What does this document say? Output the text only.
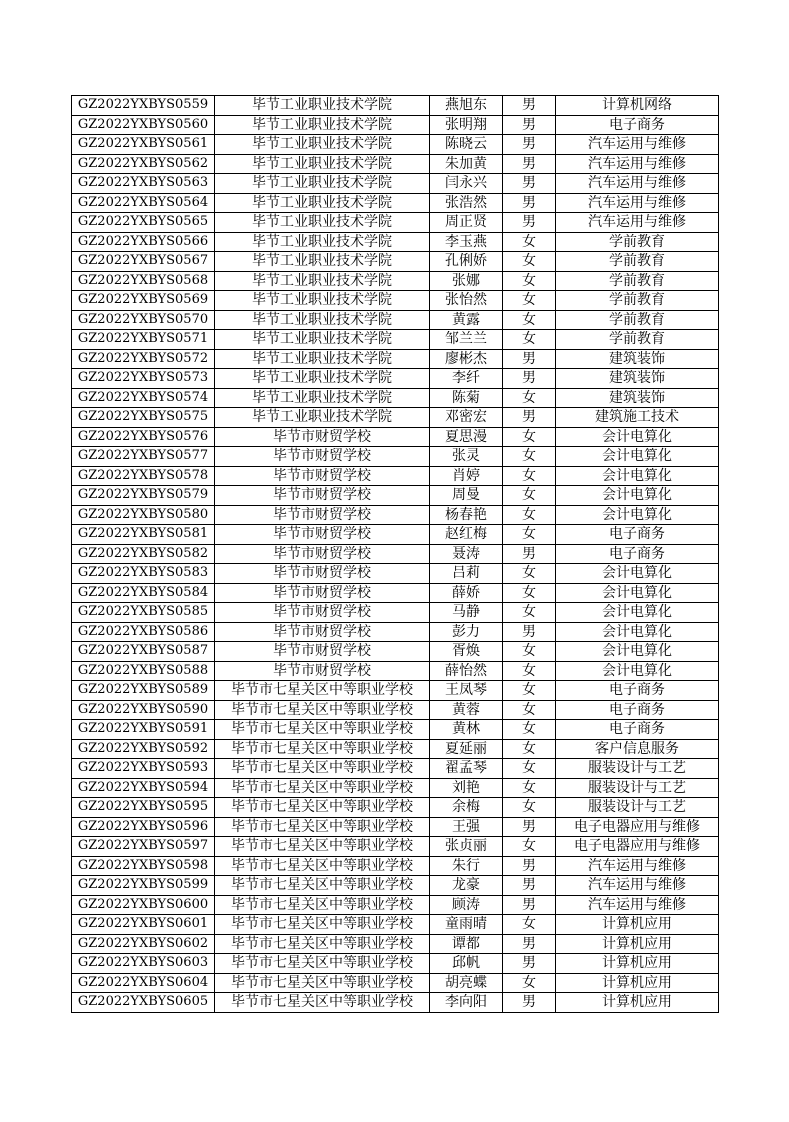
GZ2022YXBYS0559	毕节工业职业技术学院	燕旭东	男	计算机网络
GZ2022YXBYS0560	毕节工业职业技术学院	张明翔	男	电子商务
GZ2022YXBYS0561	毕节工业职业技术学院	陈晓云	男	汽车运用与维修
GZ2022YXBYS0562	毕节工业职业技术学院	朱加黄	男	汽车运用与维修
GZ2022YXBYS0563	毕节工业职业技术学院	闫永兴	男	汽车运用与维修
GZ2022YXBYS0564	毕节工业职业技术学院	张浩然	男	汽车运用与维修
GZ2022YXBYS0565	毕节工业职业技术学院	周正贤	男	汽车运用与维修
GZ2022YXBYS0566	毕节工业职业技术学院	李玉燕	女	学前教育
GZ2022YXBYS0567	毕节工业职业技术学院	孔俐娇	女	学前教育
GZ2022YXBYS0568	毕节工业职业技术学院	张娜	女	学前教育
GZ2022YXBYS0569	毕节工业职业技术学院	张怡然	女	学前教育
GZ2022YXBYS0570	毕节工业职业技术学院	黄露	女	学前教育
GZ2022YXBYS0571	毕节工业职业技术学院	邹兰兰	女	学前教育
GZ2022YXBYS0572	毕节工业职业技术学院	廖彬杰	男	建筑装饰
GZ2022YXBYS0573	毕节工业职业技术学院	李纤	男	建筑装饰
GZ2022YXBYS0574	毕节工业职业技术学院	陈菊	女	建筑装饰
GZ2022YXBYS0575	毕节工业职业技术学院	邓密宏	男	建筑施工技术
GZ2022YXBYS0576	毕节市财贸学校	夏思漫	女	会计电算化
GZ2022YXBYS0577	毕节市财贸学校	张灵	女	会计电算化
GZ2022YXBYS0578	毕节市财贸学校	肖婷	女	会计电算化
GZ2022YXBYS0579	毕节市财贸学校	周曼	女	会计电算化
GZ2022YXBYS0580	毕节市财贸学校	杨春艳	女	会计电算化
GZ2022YXBYS0581	毕节市财贸学校	赵红梅	女	电子商务
GZ2022YXBYS0582	毕节市财贸学校	聂涛	男	电子商务
GZ2022YXBYS0583	毕节市财贸学校	吕莉	女	会计电算化
GZ2022YXBYS0584	毕节市财贸学校	薛娇	女	会计电算化
GZ2022YXBYS0585	毕节市财贸学校	马静	女	会计电算化
GZ2022YXBYS0586	毕节市财贸学校	彭力	男	会计电算化
GZ2022YXBYS0587	毕节市财贸学校	胥焕	女	会计电算化
GZ2022YXBYS0588	毕节市财贸学校	薛怡然	女	会计电算化
GZ2022YXBYS0589	毕节市七星关区中等职业学校	王凤琴	女	电子商务
GZ2022YXBYS0590	毕节市七星关区中等职业学校	黄蓉	女	电子商务
GZ2022YXBYS0591	毕节市七星关区中等职业学校	黄林	女	电子商务
GZ2022YXBYS0592	毕节市七星关区中等职业学校	夏延丽	女	客户信息服务
GZ2022YXBYS0593	毕节市七星关区中等职业学校	翟孟琴	女	服装设计与工艺
GZ2022YXBYS0594	毕节市七星关区中等职业学校	刘艳	女	服装设计与工艺
GZ2022YXBYS0595	毕节市七星关区中等职业学校	余梅	女	服装设计与工艺
GZ2022YXBYS0596	毕节市七星关区中等职业学校	王强	男	电子电器应用与维修
GZ2022YXBYS0597	毕节市七星关区中等职业学校	张贞丽	女	电子电器应用与维修
GZ2022YXBYS0598	毕节市七星关区中等职业学校	朱行	男	汽车运用与维修
GZ2022YXBYS0599	毕节市七星关区中等职业学校	龙豪	男	汽车运用与维修
GZ2022YXBYS0600	毕节市七星关区中等职业学校	顾涛	男	汽车运用与维修
GZ2022YXBYS0601	毕节市七星关区中等职业学校	童雨晴	女	计算机应用
GZ2022YXBYS0602	毕节市七星关区中等职业学校	谭都	男	计算机应用
GZ2022YXBYS0603	毕节市七星关区中等职业学校	邱帆	男	计算机应用
GZ2022YXBYS0604	毕节市七星关区中等职业学校	胡亮蝶	女	计算机应用
GZ2022YXBYS0605	毕节市七星关区中等职业学校	李向阳	男	计算机应用
